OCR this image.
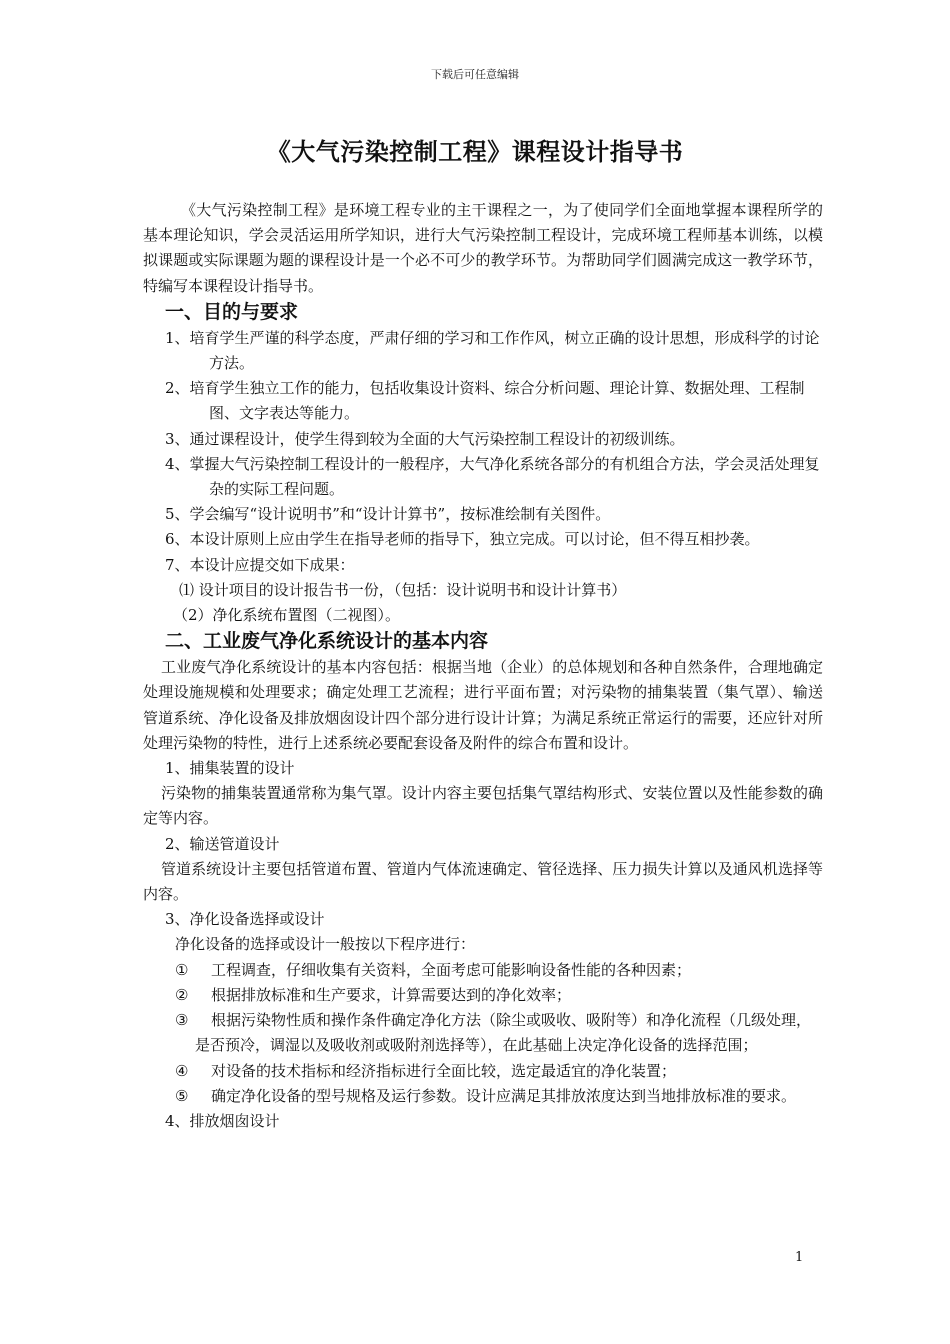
下载后可任意编辑
《大气污染控制工程》课程设计指导书

《大气污染控制工程》是环境工程专业的主干课程之一，为了使同学们全面地掌握本课程所学的基本理论知识，学会灵活运用所学知识，进行大气污染控制工程设计，完成环境工程师基本训练，以模拟课题或实际课题为题的课程设计是一个必不可少的教学环节。为帮助同学们圆满完成这一教学环节，特编写本课程设计指导书。

一、目的与要求

1、培育学生严谨的科学态度，严肃仔细的学习和工作作风，树立正确的设计思想，形成科学的讨论方法。

2、培育学生独立工作的能力，包括收集设计资料、综合分析问题、理论计算、数据处理、工程制图、文字表达等能力。

3、通过课程设计，使学生得到较为全面的大气污染控制工程设计的初级训练。

4、掌握大气污染控制工程设计的一般程序，大气净化系统各部分的有机组合方法，学会灵活处理复杂的实际工程问题。

5、学会编写“设计说明书”和“设计计算书”，按标准绘制有关图件。

6、本设计原则上应由学生在指导老师的指导下，独立完成。可以讨论，但不得互相抄袭。

7、本设计应提交如下成果：

⑴ 设计项目的设计报告书一份，（包括：设计说明书和设计计算书）

（2）净化系统布置图（二视图）。

二、工业废气净化系统设计的基本内容

工业废气净化系统设计的基本内容包括：根据当地（企业）的总体规划和各种自然条件，合理地确定处理设施规模和处理要求；确定处理工艺流程；进行平面布置；对污染物的捕集装置（集气罩）、输送管道系统、净化设备及排放烟囱设计四个部分进行设计计算；为满足系统正常运行的需要，还应针对所处理污染物的特性，进行上述系统必要配套设备及附件的综合布置和设计。

1、捕集装置的设计

污染物的捕集装置通常称为集气罩。设计内容主要包括集气罩结构形式、安装位置以及性能参数的确定等内容。

2、输送管道设计

管道系统设计主要包括管道布置、管道内气体流速确定、管径选择、压力损失计算以及通风机选择等内容。

3、净化设备选择或设计

净化设备的选择或设计一般按以下程序进行：

① 工程调查，仔细收集有关资料，全面考虑可能影响设备性能的各种因素；

② 根据排放标准和生产要求，计算需要达到的净化效率；

③ 根据污染物性质和操作条件确定净化方法（除尘或吸收、吸附等）和净化流程（几级处理，是否预冷，调湿以及吸收剂或吸附剂选择等），在此基础上决定净化设备的选择范围；

④ 对设备的技术指标和经济指标进行全面比较，选定最适宜的净化装置；

⑤ 确定净化设备的型号规格及运行参数。设计应满足其排放浓度达到当地排放标准的要求。

4、排放烟囱设计

1
